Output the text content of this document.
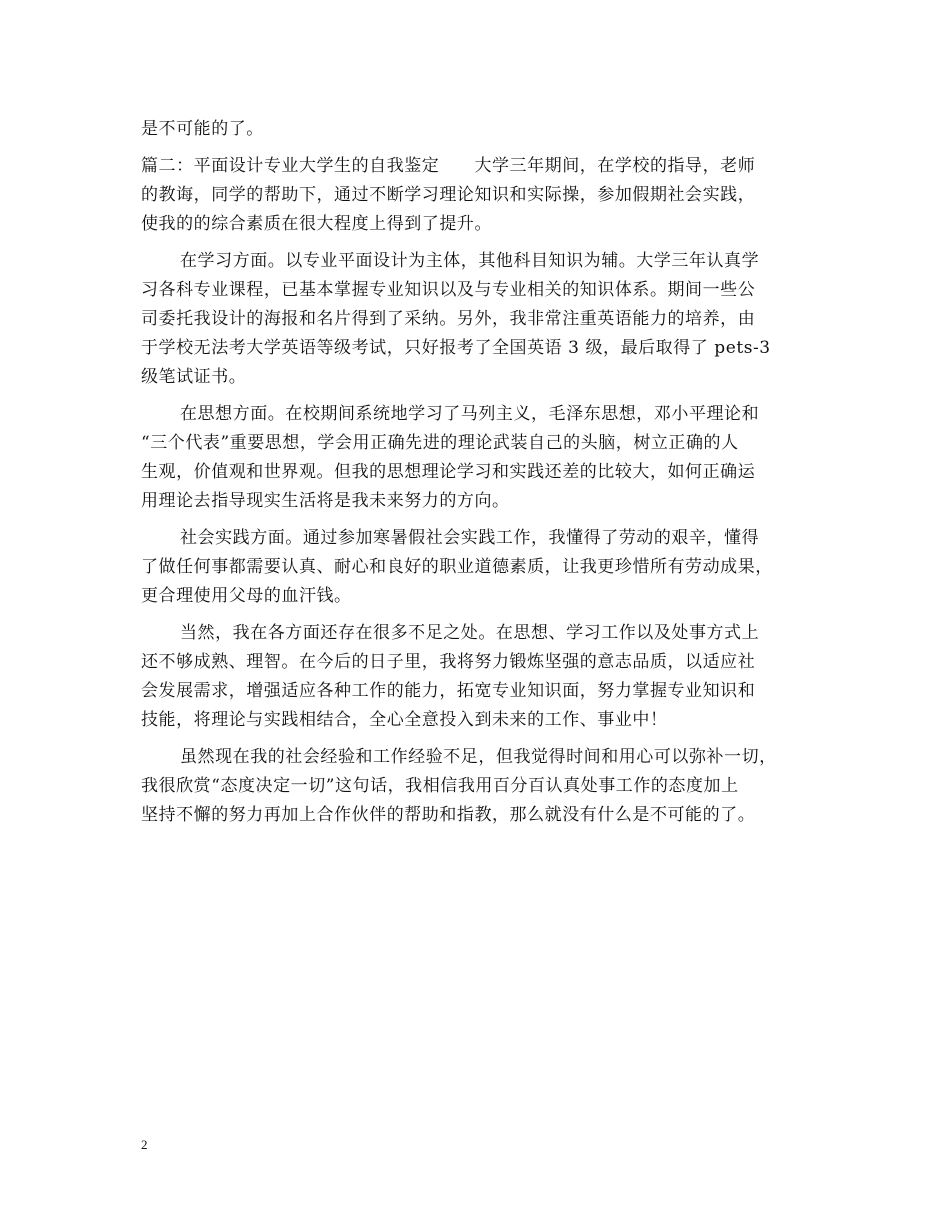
是不可能的了。
篇二：平面设计专业大学生的自我鉴定　　大学三年期间，在学校的指导，老师
的教诲，同学的帮助下，通过不断学习理论知识和实际操，参加假期社会实践，
使我的的综合素质在很大程度上得到了提升。
在学习方面。以专业平面设计为主体，其他科目知识为辅。大学三年认真学
习各科专业课程，已基本掌握专业知识以及与专业相关的知识体系。期间一些公
司委托我设计的海报和名片得到了采纳。另外，我非常注重英语能力的培养，由
于学校无法考大学英语等级考试，只好报考了全国英语 3 级，最后取得了 pets-3
级笔试证书。
在思想方面。在校期间系统地学习了马列主义，毛泽东思想，邓小平理论和
“三个代表”重要思想，学会用正确先进的理论武装自己的头脑，树立正确的人
生观，价值观和世界观。但我的思想理论学习和实践还差的比较大，如何正确运
用理论去指导现实生活将是我未来努力的方向。
社会实践方面。通过参加寒暑假社会实践工作，我懂得了劳动的艰辛，懂得
了做任何事都需要认真、耐心和良好的职业道德素质，让我更珍惜所有劳动成果，
更合理使用父母的血汗钱。
当然，我在各方面还存在很多不足之处。在思想、学习工作以及处事方式上
还不够成熟、理智。在今后的日子里，我将努力锻炼坚强的意志品质，以适应社
会发展需求，增强适应各种工作的能力，拓宽专业知识面，努力掌握专业知识和
技能，将理论与实践相结合，全心全意投入到未来的工作、事业中！
虽然现在我的社会经验和工作经验不足，但我觉得时间和用心可以弥补一切，
我很欣赏“态度决定一切”这句话，我相信我用百分百认真处事工作的态度加上
坚持不懈的努力再加上合作伙伴的帮助和指教，那么就没有什么是不可能的了。
2
